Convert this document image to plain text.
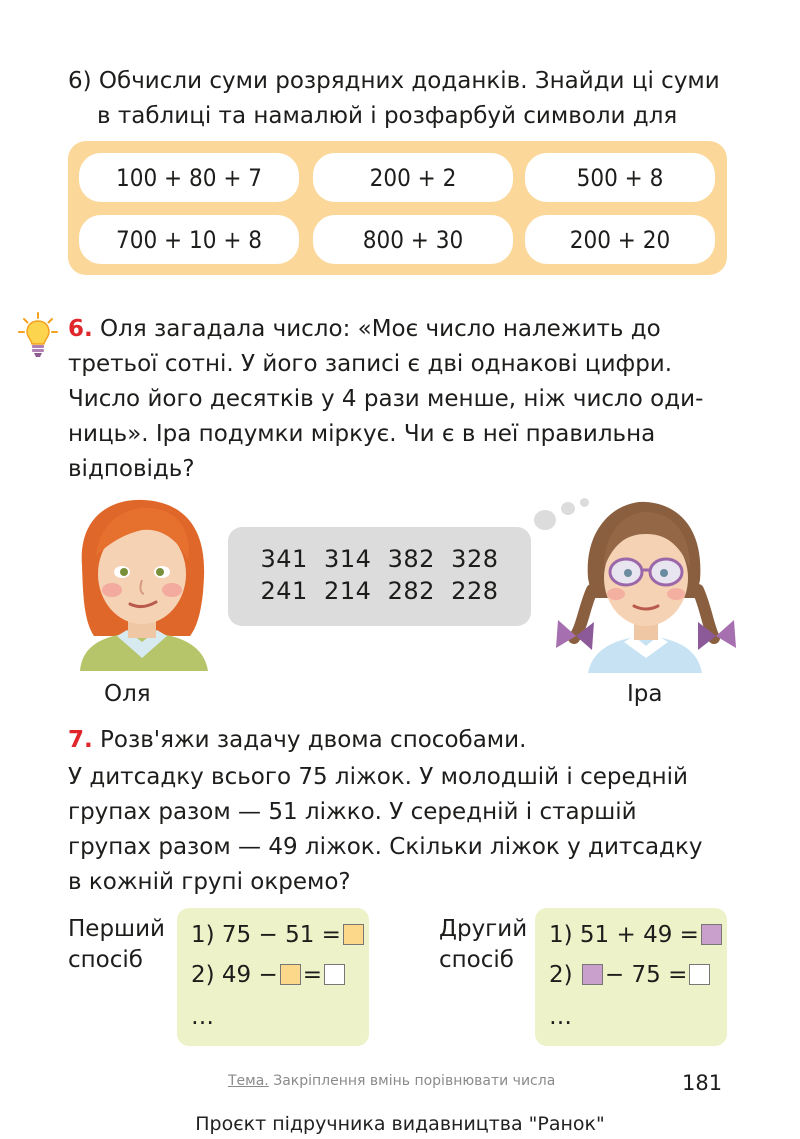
6) Обчисли суми розрядних доданків. Знайди ці суми
в таблиці та намалюй і розфарбуй символи для
100 + 80 + 7	200 + 2	500 + 8
700 + 10 + 8	800 + 30	200 + 20
6. Оля загадала число: «Моє число належить до
третьої сотні. У його записі є дві однакові цифри.
Число його десятків у 4 рази менше, ніж число оди-
ниць». Іра подумки міркує. Чи є в неї правильна
відповідь?
341  314  382  328
241  214  282  228
Оля	Іра
7. Розв'яжи задачу двома способами.
У дитсадку всього 75 ліжок. У молодшій і середній
групах разом — 51 ліжко. У середній і старшій
групах разом — 49 ліжок. Скільки ліжок у дитсадку
в кожній групі окремо?
Перший
спосіб
1) 75 − 51 =
2) 49 − =
…
Другий
спосіб
1) 51 + 49 =
2) − 75 =
…
Тема. Закріплення вмінь порівнювати числа	181
Проєкт підручника видавництва "Ранок"
